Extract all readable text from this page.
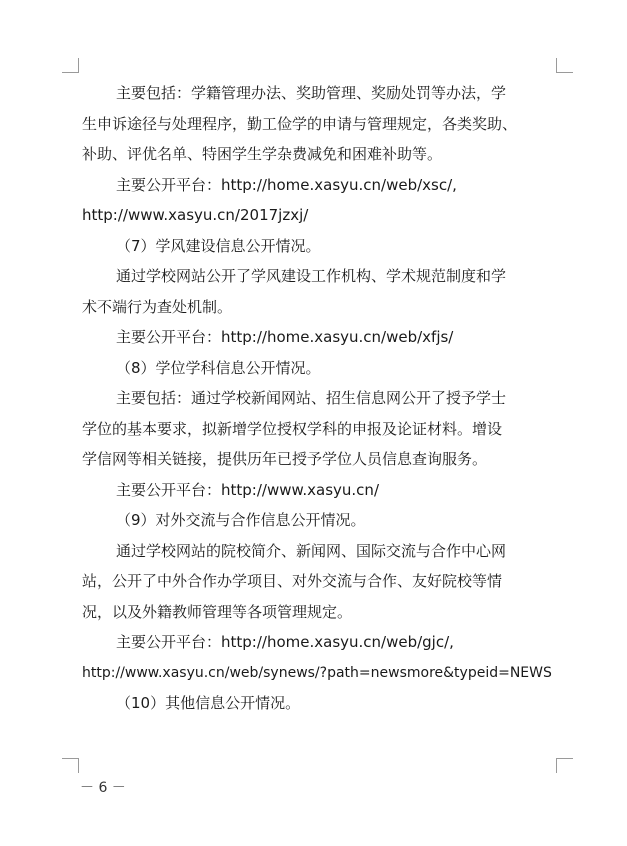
主要包括：学籍管理办法、奖助管理、奖励处罚等办法，学
生申诉途径与处理程序，勤工俭学的申请与管理规定，各类奖助、
补助、评优名单、特困学生学杂费减免和困难补助等。
主要公开平台：http://home.xasyu.cn/web/xsc/,
http://www.xasyu.cn/2017jzxj/
（7）学风建设信息公开情况。
通过学校网站公开了学风建设工作机构、学术规范制度和学
术不端行为查处机制。
主要公开平台：http://home.xasyu.cn/web/xfjs/
（8）学位学科信息公开情况。
主要包括：通过学校新闻网站、招生信息网公开了授予学士
学位的基本要求，拟新增学位授权学科的申报及论证材料。增设
学信网等相关链接，提供历年已授予学位人员信息查询服务。
主要公开平台：http://www.xasyu.cn/
（9）对外交流与合作信息公开情况。
通过学校网站的院校简介、新闻网、国际交流与合作中心网
站，公开了中外合作办学项目、对外交流与合作、友好院校等情
况，以及外籍教师管理等各项管理规定。
主要公开平台：http://home.xasyu.cn/web/gjc/,
http://www.xasyu.cn/web/synews/?path=newsmore&typeid=NEWS
（10）其他信息公开情况。
－ 6 －
